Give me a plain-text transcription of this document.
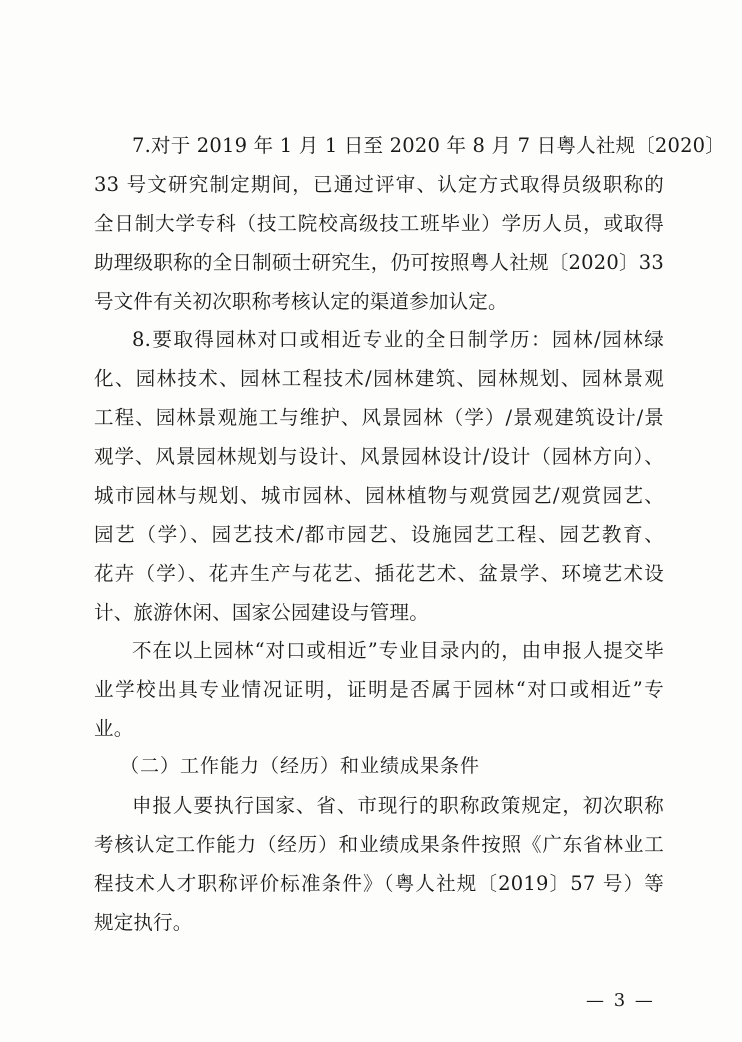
7.对于 2019 年 1 月 1 日至 2020 年 8 月 7 日粤人社规〔2020〕
33 号文研究制定期间，已通过评审、认定方式取得员级职称的
全日制大学专科（技工院校高级技工班毕业）学历人员，或取得
助理级职称的全日制硕士研究生，仍可按照粤人社规〔2020〕33
号文件有关初次职称考核认定的渠道参加认定。
8.要取得园林对口或相近专业的全日制学历：园林/园林绿
化、园林技术、园林工程技术/园林建筑、园林规划、园林景观
工程、园林景观施工与维护、风景园林（学）/景观建筑设计/景
观学、风景园林规划与设计、风景园林设计/设计（园林方向）、
城市园林与规划、城市园林、园林植物与观赏园艺/观赏园艺、
园艺（学）、园艺技术/都市园艺、设施园艺工程、园艺教育、
花卉（学）、花卉生产与花艺、插花艺术、盆景学、环境艺术设
计、旅游休闲、国家公园建设与管理。
不在以上园林“对口或相近”专业目录内的，由申报人提交毕
业学校出具专业情况证明，证明是否属于园林“对口或相近”专
业。
（二）工作能力（经历）和业绩成果条件
申报人要执行国家、省、市现行的职称政策规定，初次职称
考核认定工作能力（经历）和业绩成果条件按照《广东省林业工
程技术人才职称评价标准条件》（粤人社规〔2019〕57 号）等
规定执行。
— 3 —
